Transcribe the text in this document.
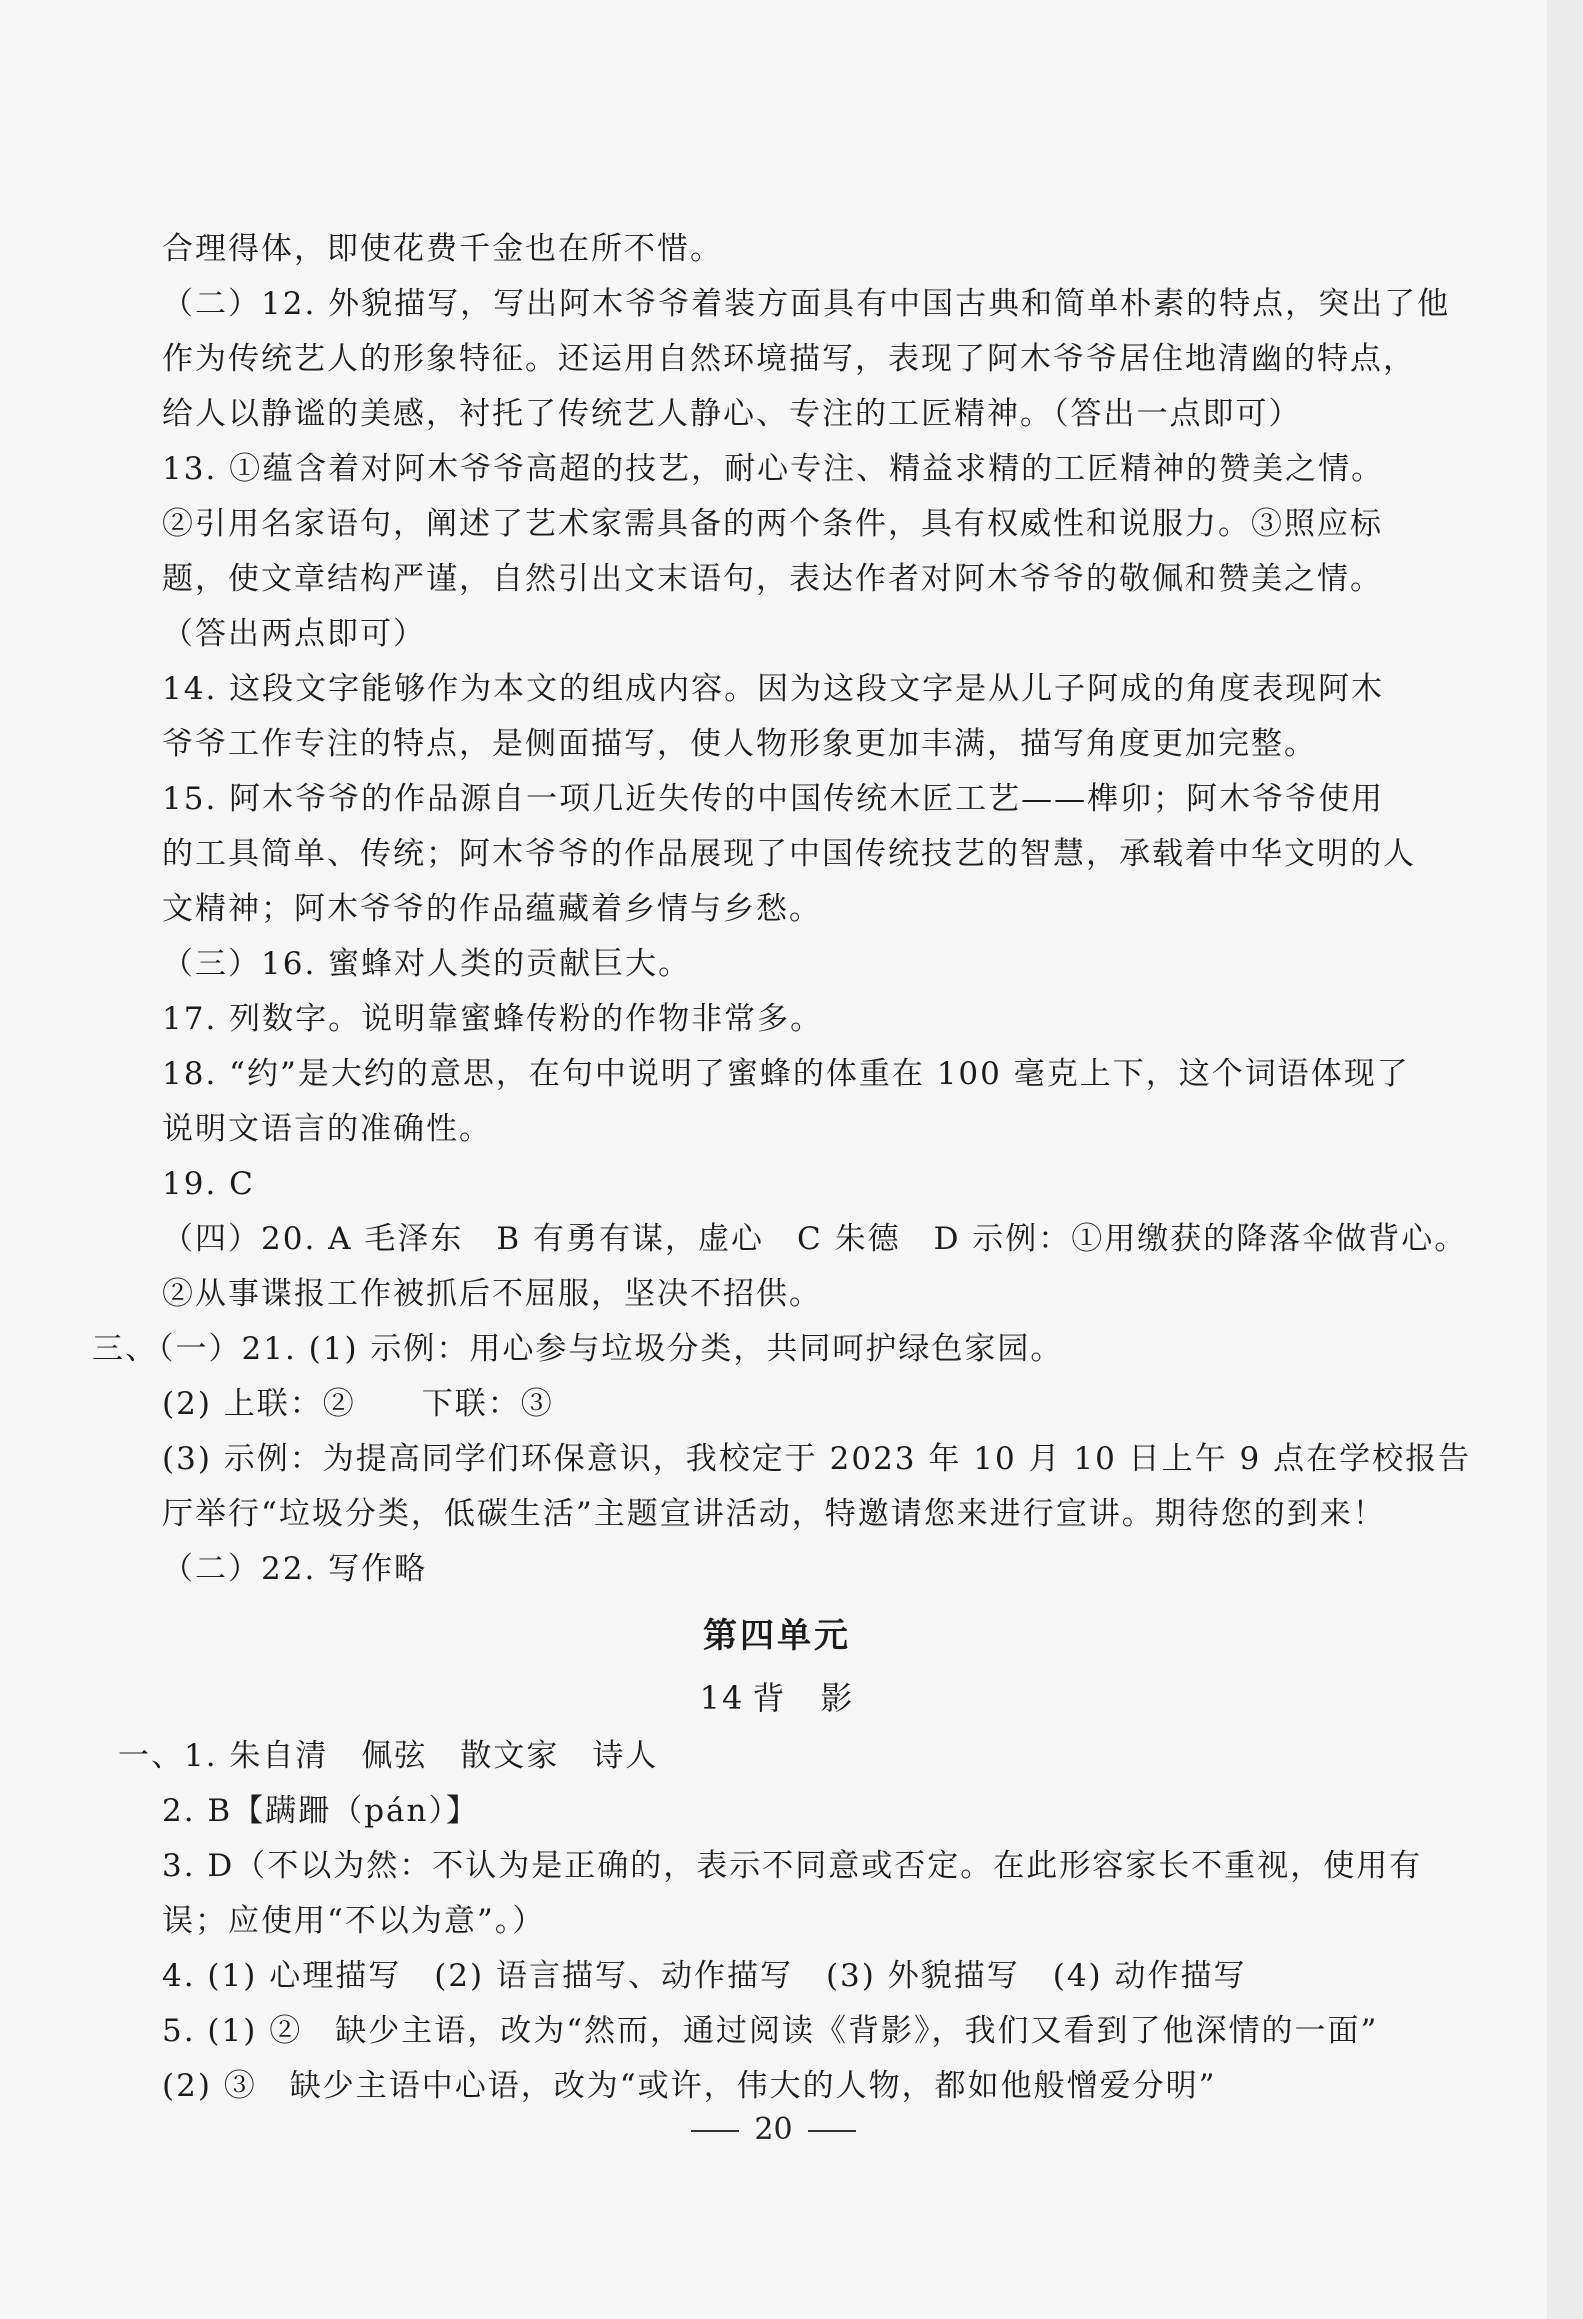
合理得体，即使花费千金也在所不惜。
（二）12. 外貌描写，写出阿木爷爷着装方面具有中国古典和简单朴素的特点，突出了他
作为传统艺人的形象特征。还运用自然环境描写，表现了阿木爷爷居住地清幽的特点，
给人以静谧的美感，衬托了传统艺人静心、专注的工匠精神。（答出一点即可）
13. ①蕴含着对阿木爷爷高超的技艺，耐心专注、精益求精的工匠精神的赞美之情。
②引用名家语句，阐述了艺术家需具备的两个条件，具有权威性和说服力。③照应标
题，使文章结构严谨，自然引出文末语句，表达作者对阿木爷爷的敬佩和赞美之情。
（答出两点即可）
14. 这段文字能够作为本文的组成内容。因为这段文字是从儿子阿成的角度表现阿木
爷爷工作专注的特点，是侧面描写，使人物形象更加丰满，描写角度更加完整。
15. 阿木爷爷的作品源自一项几近失传的中国传统木匠工艺——榫卯；阿木爷爷使用
的工具简单、传统；阿木爷爷的作品展现了中国传统技艺的智慧，承载着中华文明的人
文精神；阿木爷爷的作品蕴藏着乡情与乡愁。
（三）16. 蜜蜂对人类的贡献巨大。
17. 列数字。说明靠蜜蜂传粉的作物非常多。
18. “约”是大约的意思，在句中说明了蜜蜂的体重在 100 毫克上下，这个词语体现了
说明文语言的准确性。
19. C
（四）20. A 毛泽东　B 有勇有谋，虚心　C 朱德　D 示例：①用缴获的降落伞做背心。
②从事谍报工作被抓后不屈服，坚决不招供。
三、（一）21. (1) 示例：用心参与垃圾分类，共同呵护绿色家园。
(2) 上联：②　　下联：③
(3) 示例：为提高同学们环保意识，我校定于 2023 年 10 月 10 日上午 9 点在学校报告
厅举行“垃圾分类，低碳生活”主题宣讲活动，特邀请您来进行宣讲。期待您的到来！
（二）22. 写作略
第四单元
14 背　影
一、1. 朱自清　佩弦　散文家　诗人
2. B【蹒跚（pán）】
3. D（不以为然：不认为是正确的，表示不同意或否定。在此形容家长不重视，使用有
误；应使用“不以为意”。）
4. (1) 心理描写　(2) 语言描写、动作描写　(3) 外貌描写　(4) 动作描写
5. (1) ②　缺少主语，改为“然而，通过阅读《背影》，我们又看到了他深情的一面”
(2) ③　缺少主语中心语，改为“或许，伟大的人物，都如他般憎爱分明”
20
